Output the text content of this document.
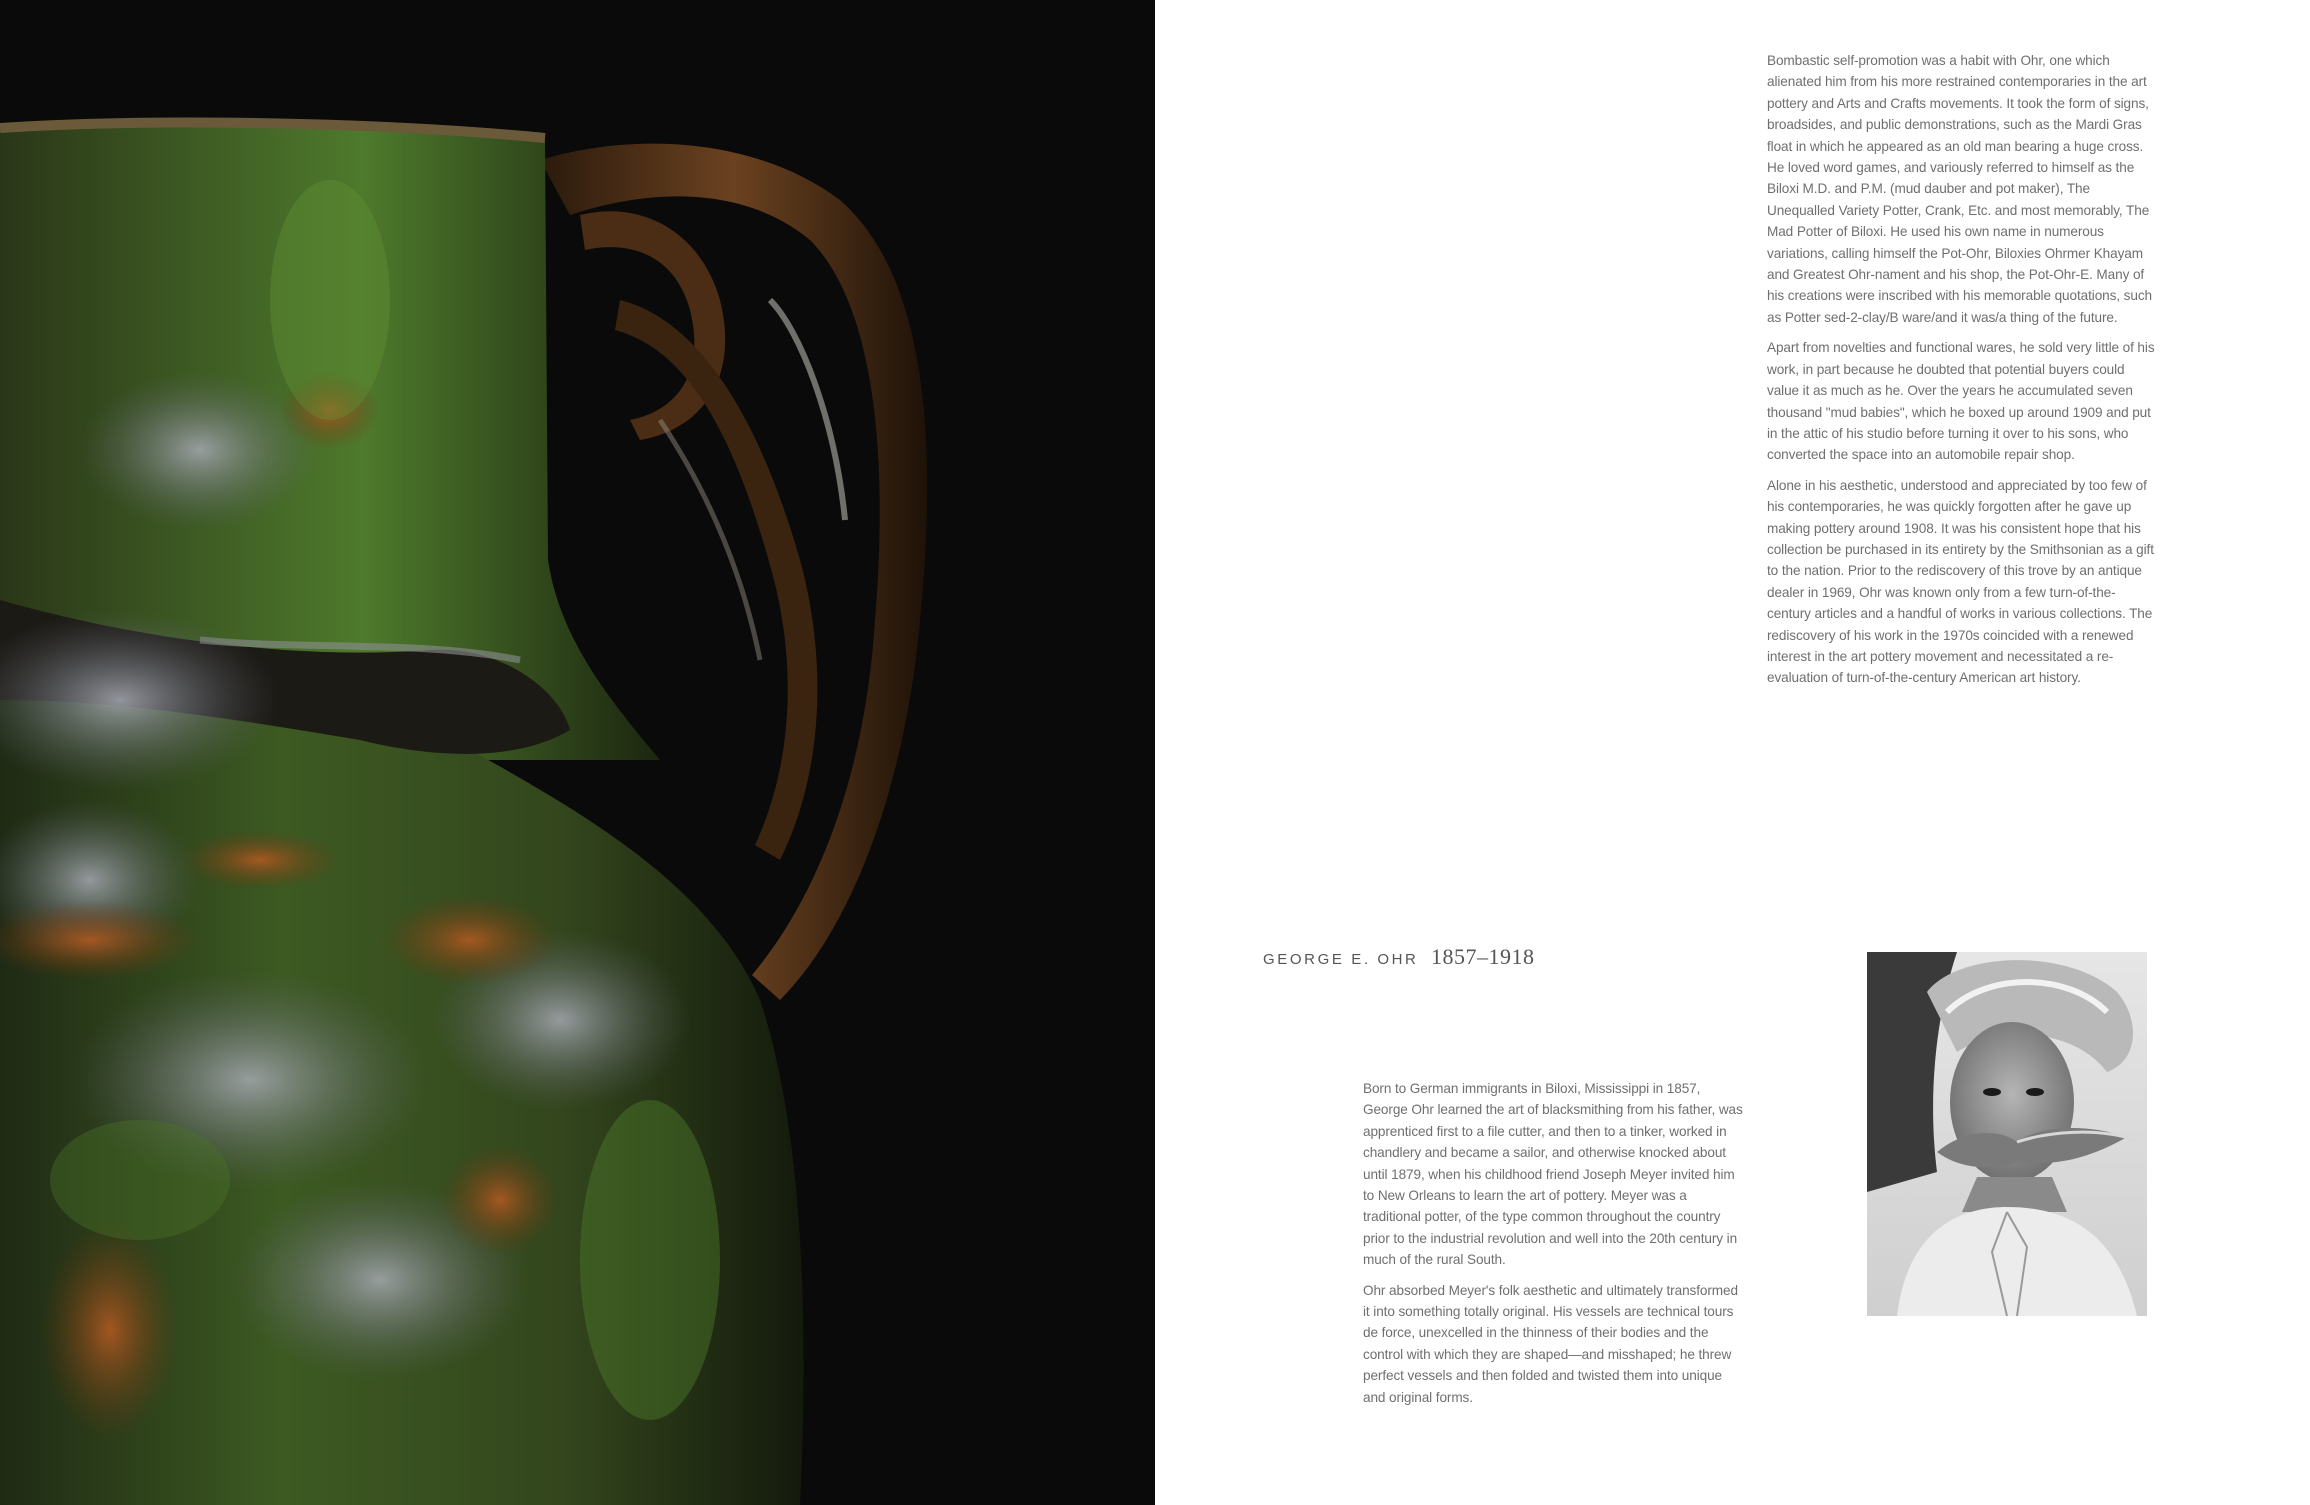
Bombastic self-promotion was a habit with Ohr, one which alienated him from his more restrained contemporaries in the art pottery and Arts and Crafts movements. It took the form of signs, broadsides, and public demonstrations, such as the Mardi Gras float in which he appeared as an old man bearing a huge cross. He loved word games, and variously referred to himself as the Biloxi M.D. and P.M. (mud dauber and pot maker), The Unequalled Variety Potter, Crank, Etc. and most memorably, The Mad Potter of Biloxi. He used his own name in numerous variations, calling himself the Pot-Ohr, Biloxies Ohrmer Khayam and Greatest Ohr-nament and his shop, the Pot-Ohr-E. Many of his creations were inscribed with his memorable quotations, such as Potter sed-2-clay/B ware/and it was/a thing of the future.

Apart from novelties and functional wares, he sold very little of his work, in part because he doubted that potential buyers could value it as much as he. Over the years he accumulated seven thousand "mud babies", which he boxed up around 1909 and put in the attic of his studio before turning it over to his sons, who converted the space into an automobile repair shop.

Alone in his aesthetic, understood and appreciated by too few of his contemporaries, he was quickly forgotten after he gave up making pottery around 1908. It was his consistent hope that his collection be purchased in its entirety by the Smithsonian as a gift to the nation. Prior to the rediscovery of this trove by an antique dealer in 1969, Ohr was known only from a few turn-of-the-century articles and a handful of works in various collections. The rediscovery of his work in the 1970s coincided with a renewed interest in the art pottery movement and necessitated a re-evaluation of turn-of-the-century American art history.

GEORGE E. OHR 1857–1918

Born to German immigrants in Biloxi, Mississippi in 1857, George Ohr learned the art of blacksmithing from his father, was apprenticed first to a file cutter, and then to a tinker, worked in chandlery and became a sailor, and otherwise knocked about until 1879, when his childhood friend Joseph Meyer invited him to New Orleans to learn the art of pottery. Meyer was a traditional potter, of the type common throughout the country prior to the industrial revolution and well into the 20th century in much of the rural South.

Ohr absorbed Meyer's folk aesthetic and ultimately transformed it into something totally original. His vessels are technical tours de force, unexcelled in the thinness of their bodies and the control with which they are shaped—and misshaped; he threw perfect vessels and then folded and twisted them into unique and original forms.
